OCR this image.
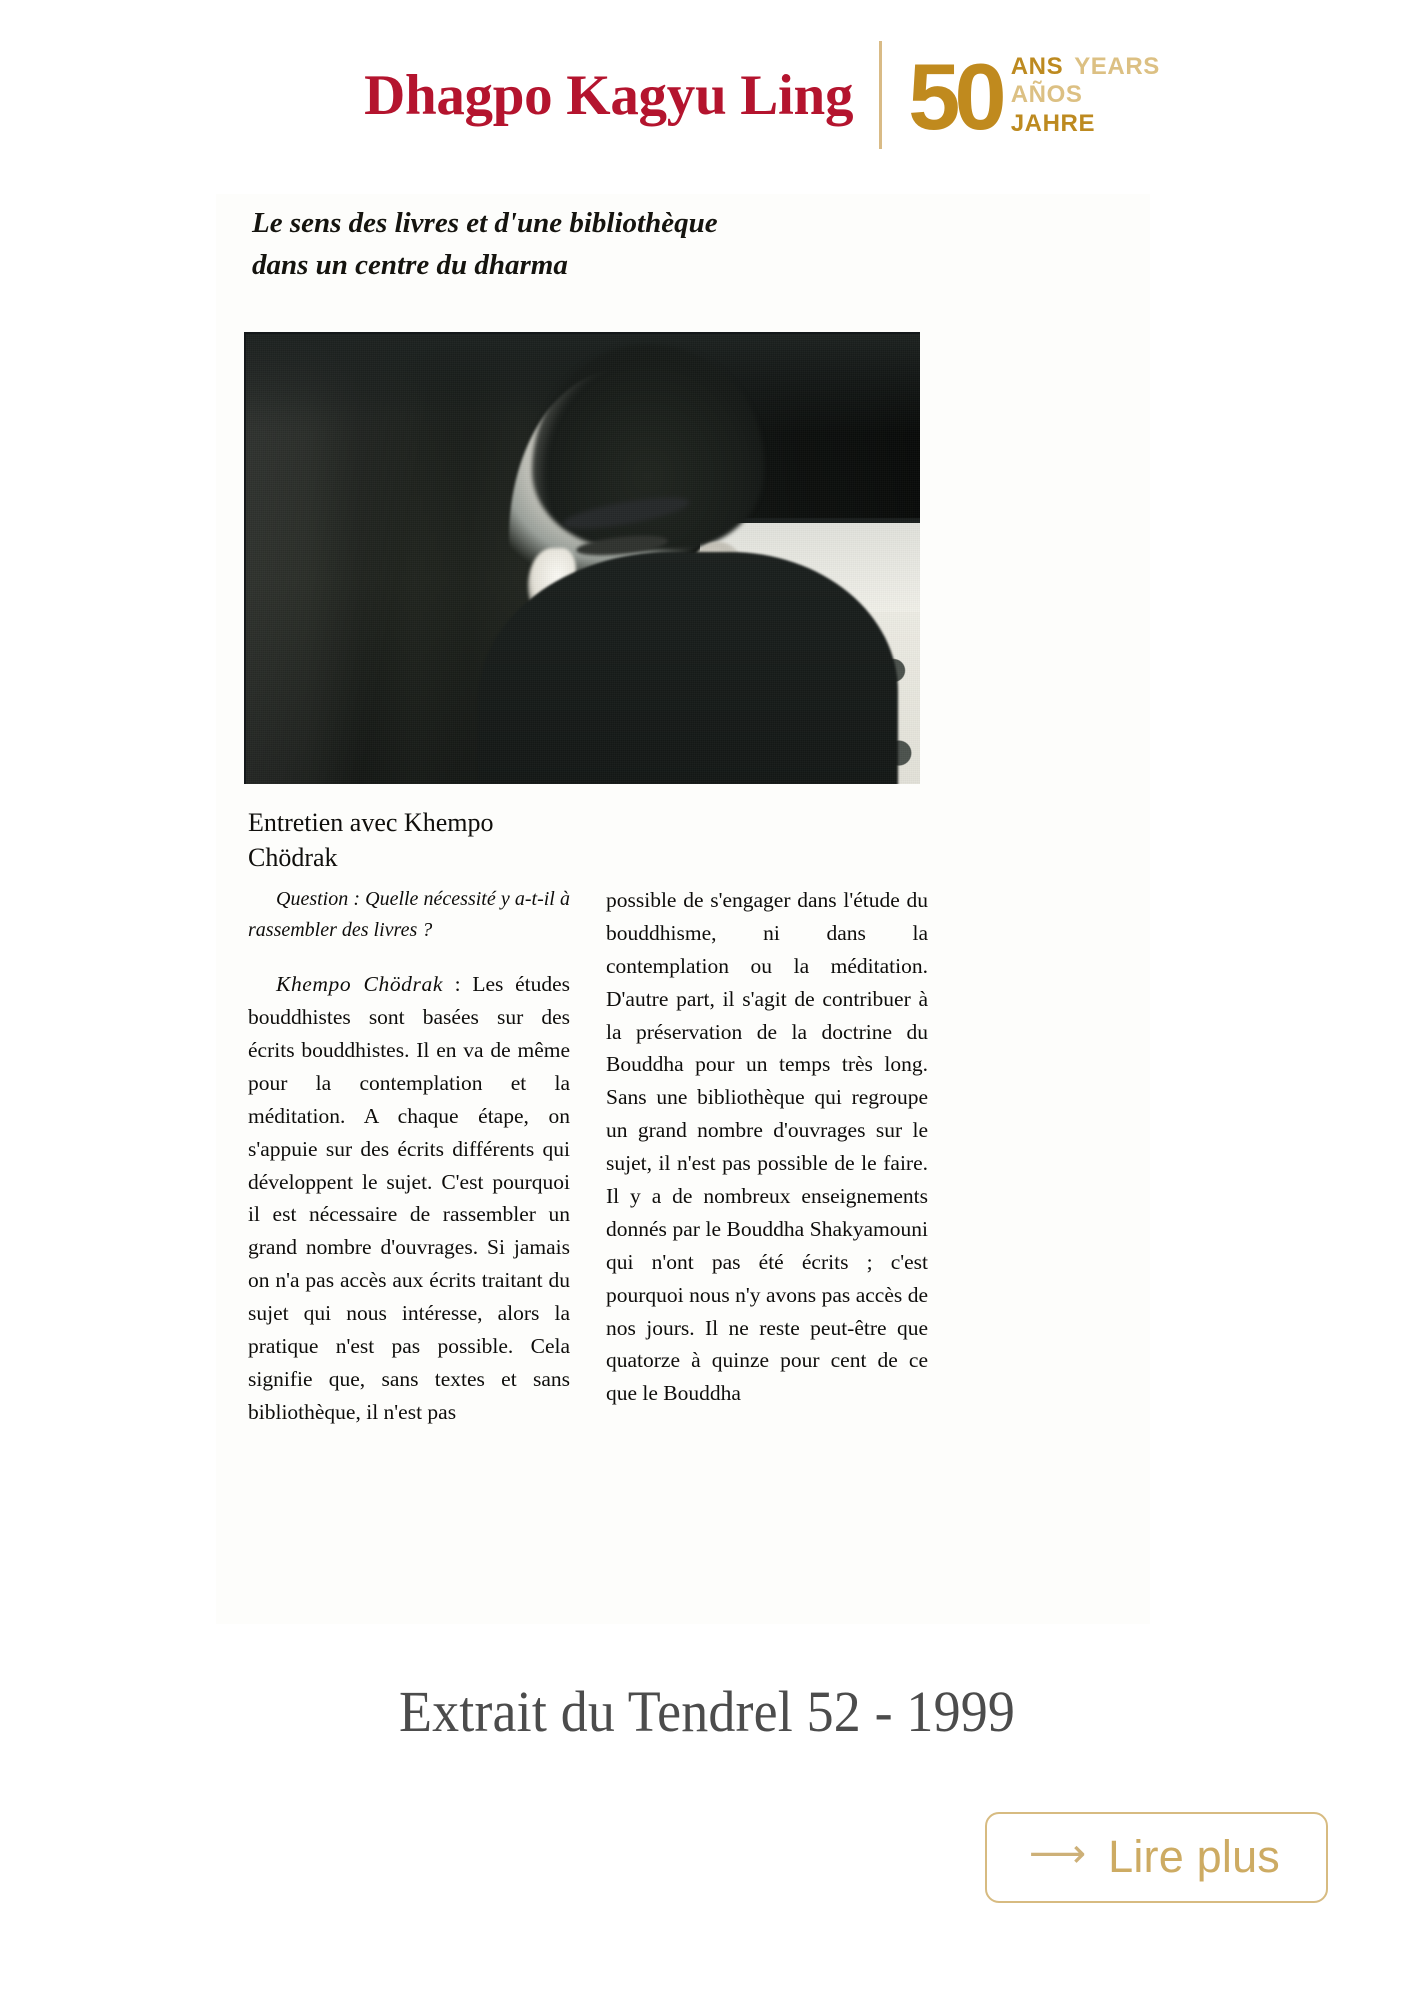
Dhagpo Kagyu Ling 50 ANS YEARS
AÑOS
JAHRE
Le sens des livres et d'une bibliothèque
dans un centre du dharma
Entretien avec Khempo
Chödrak

Question : Quelle nécessité y a-t-il à rassembler des livres ?

Khempo Chödrak : Les études bouddhistes sont basées sur des écrits bouddhistes. Il en va de même pour la contemplation et la méditation. A chaque étape, on s'appuie sur des écrits différents qui développent le sujet. C'est pourquoi il est nécessaire de rassembler un grand nombre d'ouvrages. Si jamais on n'a pas accès aux écrits traitant du sujet qui nous intéresse, alors la pratique n'est pas possible. Cela signifie que, sans textes et sans bibliothèque, il n'est pas

possible de s'engager dans l'étude du bouddhisme, ni dans la contemplation ou la méditation. D'autre part, il s'agit de contribuer à la préservation de la doctrine du Bouddha pour un temps très long. Sans une bibliothèque qui regroupe un grand nombre d'ouvrages sur le sujet, il n'est pas possible de le faire. Il y a de nombreux enseignements donnés par le Bouddha Shakyamouni qui n'ont pas été écrits ; c'est pourquoi nous n'y avons pas accès de nos jours. Il ne reste peut-être que quatorze à quinze pour cent de ce que le Bouddha

Extrait du Tendrel 52 - 1999
⟶ Lire plus
